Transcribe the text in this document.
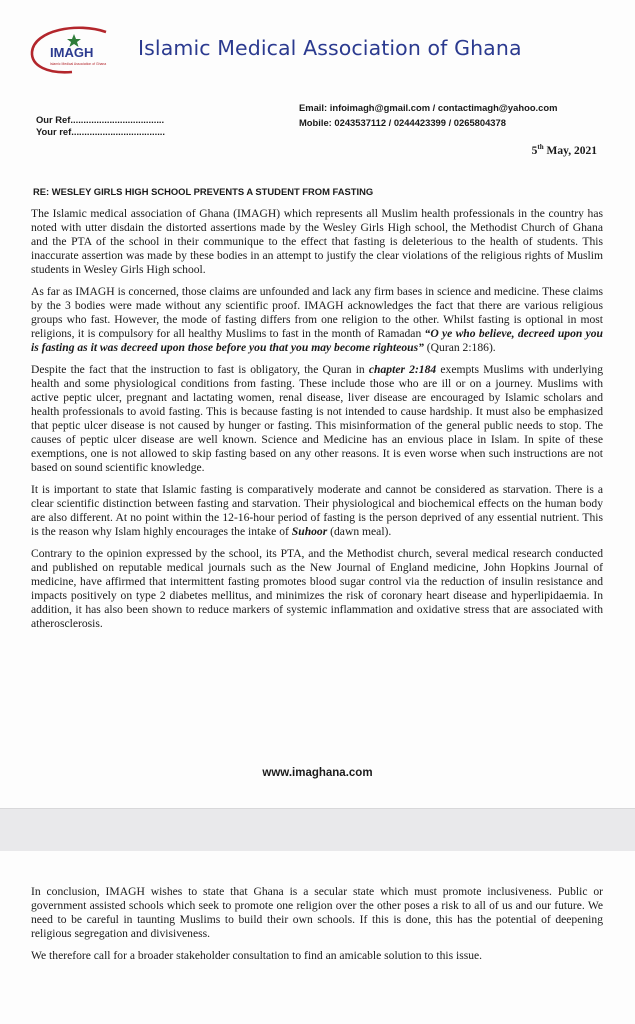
IMAGH
Islamic Medical Association of Ghana
Islamic Medical Association of Ghana
Email: infoimagh@gmail.com / contactimagh@yahoo.com
Mobile: 0243537112 / 0244423399 / 0265804378
Our Ref....................................
Your ref....................................
5th May, 2021
RE: WESLEY GIRLS HIGH SCHOOL PREVENTS A STUDENT FROM FASTING

The Islamic medical association of Ghana (IMAGH) which represents all Muslim health professionals in the country has noted with utter disdain the distorted assertions made by the Wesley Girls High school, the Methodist Church of Ghana and the PTA of the school in their communique to the effect that fasting is deleterious to the health of students. This inaccurate assertion was made by these bodies in an attempt to justify the clear violations of the religious rights of Muslim students in Wesley Girls High school.

As far as IMAGH is concerned, those claims are unfounded and lack any firm bases in science and medicine. These claims by the 3 bodies were made without any scientific proof. IMAGH acknowledges the fact that there are various religious groups who fast. However, the mode of fasting differs from one religion to the other. Whilst fasting is optional in most religions, it is compulsory for all healthy Muslims to fast in the month of Ramadan “O ye who believe, decreed upon you is fasting as it was decreed upon those before you that you may become righteous” (Quran 2:186).

Despite the fact that the instruction to fast is obligatory, the Quran in chapter 2:184 exempts Muslims with underlying health and some physiological conditions from fasting. These include those who are ill or on a journey. Muslims with active peptic ulcer, pregnant and lactating women, renal disease, liver disease are encouraged by Islamic scholars and health professionals to avoid fasting. This is because fasting is not intended to cause hardship. It must also be emphasized that peptic ulcer disease is not caused by hunger or fasting. This misinformation of the general public needs to stop. The causes of peptic ulcer disease are well known. Science and Medicine has an envious place in Islam. In spite of these exemptions, one is not allowed to skip fasting based on any other reasons. It is even worse when such instructions are not based on sound scientific knowledge.

It is important to state that Islamic fasting is comparatively moderate and cannot be considered as starvation. There is a clear scientific distinction between fasting and starvation. Their physiological and biochemical effects on the human body are also different. At no point within the 12-16-hour period of fasting is the person deprived of any essential nutrient. This is the reason why Islam highly encourages the intake of Suhoor (dawn meal).

Contrary to the opinion expressed by the school, its PTA, and the Methodist church, several medical research conducted and published on reputable medical journals such as the New Journal of England medicine, John Hopkins Journal of medicine, have affirmed that intermittent fasting promotes blood sugar control via the reduction of insulin resistance and impacts positively on type 2 diabetes mellitus, and minimizes the risk of coronary heart disease and hyperlipidaemia. In addition, it has also been shown to reduce markers of systemic inflammation and oxidative stress that are associated with atherosclerosis.

www.imaghana.com

In conclusion, IMAGH wishes to state that Ghana is a secular state which must promote inclusiveness. Public or government assisted schools which seek to promote one religion over the other poses a risk to all of us and our future. We need to be careful in taunting Muslims to build their own schools. If this is done, this has the potential of deepening religious segregation and divisiveness.

We therefore call for a broader stakeholder consultation to find an amicable solution to this issue.
